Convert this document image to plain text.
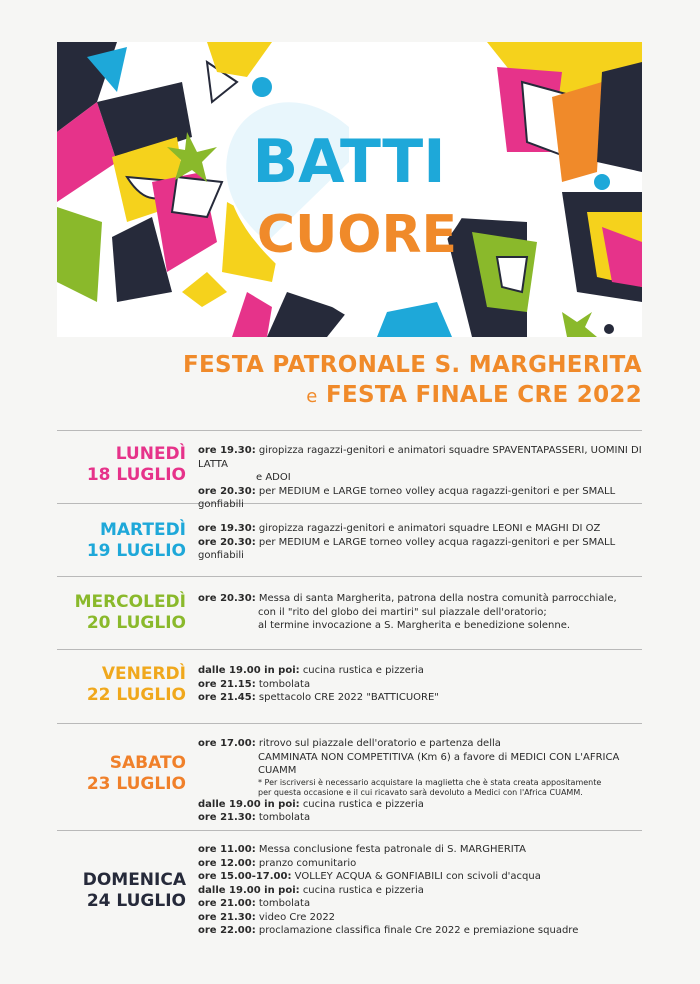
BATTI
CUORE
FESTA PATRONALE S. MARGHERITA
e FESTA FINALE CRE 2022
LUNEDÌ
18 LUGLIO
ore 19.30: giropizza ragazzi-genitori e animatori squadre SPAVENTAPASSERI, UOMINI DI LATTA
e ADOI
ore 20.30: per MEDIUM e LARGE torneo volley acqua ragazzi-genitori e per SMALL gonfiabili
MARTEDÌ
19 LUGLIO
ore 19.30: giropizza ragazzi-genitori e animatori squadre LEONI e MAGHI DI OZ
ore 20.30: per MEDIUM e LARGE torneo volley acqua ragazzi-genitori e per SMALL gonfiabili
MERCOLEDÌ
20 LUGLIO
ore 20.30: Messa di santa Margherita, patrona della nostra comunità parrocchiale,
con il "rito del globo dei martiri" sul piazzale dell'oratorio;
al termine invocazione a S. Margherita e benedizione solenne.
VENERDÌ
22 LUGLIO
dalle 19.00 in poi: cucina rustica e pizzeria
ore 21.15: tombolata
ore 21.45: spettacolo CRE 2022 "BATTICUORE"
SABATO
23 LUGLIO
ore 17.00: ritrovo sul piazzale dell'oratorio e partenza della
CAMMINATA NON COMPETITIVA (Km 6) a favore di MEDICI CON L'AFRICA CUAMM
* Per iscriversi è necessario acquistare la maglietta che è stata creata appositamente
per questa occasione e il cui ricavato sarà devoluto a Medici con l'Africa CUAMM.
dalle 19.00 in poi: cucina rustica e pizzeria
ore 21.30: tombolata
DOMENICA
24 LUGLIO
ore 11.00: Messa conclusione festa patronale di S. MARGHERITA
ore 12.00: pranzo comunitario
ore 15.00-17.00: VOLLEY ACQUA & GONFIABILI con scivoli d'acqua
dalle 19.00 in poi: cucina rustica e pizzeria
ore 21.00: tombolata
ore 21.30: video Cre 2022
ore 22.00: proclamazione classifica finale Cre 2022 e premiazione squadre
